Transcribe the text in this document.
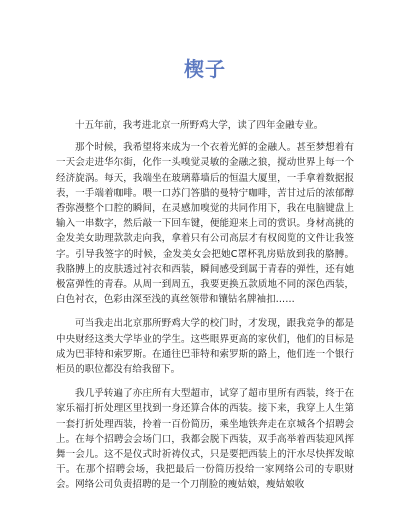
楔子

十五年前，我考进北京一所野鸡大学，读了四年金融专业。

那个时候，我希望将来成为一个衣着光鲜的金融人。甚至梦想着有一天会走进华尔街，化作一头嗅觉灵敏的金融之狼，搅动世界上每一个经济旋涡。每天，我端坐在玻璃幕墙后的恒温大厦里，一手拿着数据报表，一手端着咖啡。喂一口苏门答腊的曼特宁咖啡，苦甘过后的浓郁醇香弥漫整个口腔的瞬间，在灵感加嗅觉的共同作用下，我在电脑键盘上输入一串数字，然后敲一下回车键，便能迎来上司的赏识。身材高挑的金发美女助理款款走向我，拿着只有公司高层才有权阅览的文件让我签字。引导我签字的时候，金发美女会把她C罩杯乳房贴放到我的胳膊。我胳膊上的皮肤透过衬衣和西装，瞬间感受到属于青春的弹性，还有她极富弹性的青春。从周一到周五，我要更换五款质地不同的深色西装，白色衬衣，色彩由深至浅的真丝领带和镶钻名牌袖扣……

可当我走出北京那所野鸡大学的校门时，才发现，跟我竞争的都是中央财经这类大学毕业的学生。这些眼界更高的家伙们，他们的目标是成为巴菲特和索罗斯。在通往巴菲特和索罗斯的路上，他们连一个银行柜员的职位都没有给我留下。

我几乎转遍了亦庄所有大型超市，试穿了超市里所有西装，终于在家乐福打折处理区里找到一身还算合体的西装。接下来，我穿上人生第一套打折处理西装，拎着一百份简历，乘坐地铁奔走在京城各个招聘会上。在每个招聘会会场门口，我都会脱下西装，双手高举着西装迎风挥舞一会儿。这不是仪式时祈祷仪式，只是要把西装上的汗水尽快挥发晾干。在那个招聘会场，我把最后一份简历投给一家网络公司的专职财会。网络公司负责招聘的是一个刀削脸的瘦姑娘，瘦姑娘收
